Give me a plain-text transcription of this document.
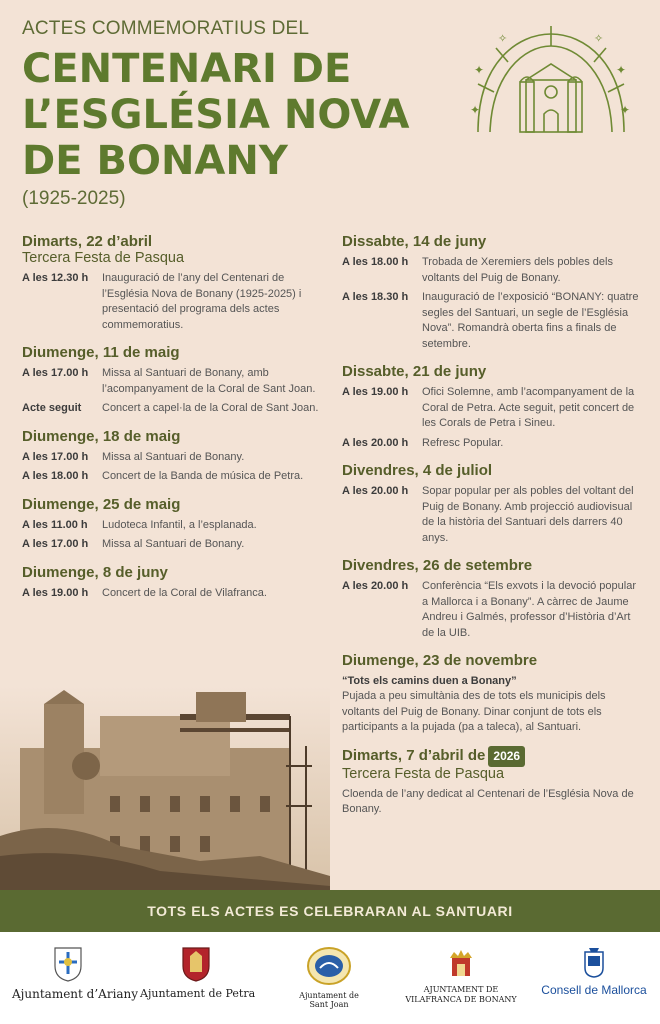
ACTES COMMEMORATIUS DEL
CENTENARI DE
L’ESGLÉSIA NOVA
DE BONANY
(1925-2025)
✦	✦
✧	✧
✦	✦
Dimarts, 22 d’abril
Tercera Festa de Pasqua
A les 12.30 h	Inauguració de l’any del Centenari de l’Església Nova de Bonany (1925-2025) i presentació del programa dels actes commemoratius.
Diumenge, 11 de maig
A les 17.00 h	Missa al Santuari de Bonany, amb l’acompanyament de la Coral de Sant Joan.
Acte seguit	Concert a capel·la de la Coral de Sant Joan.
Diumenge, 18 de maig
A les 17.00 h	Missa al Santuari de Bonany.
A les 18.00 h	Concert de la Banda de música de Petra.
Diumenge, 25 de maig
A les 11.00 h	Ludoteca Infantil, a l’esplanada.
A les 17.00 h	Missa al Santuari de Bonany.
Diumenge, 8 de juny
A les 19.00 h	Concert de la Coral de Vilafranca.
Dissabte, 14 de juny
A les 18.00 h	Trobada de Xeremiers dels pobles dels voltants del Puig de Bonany.
A les 18.30 h	Inauguració de l’exposició “BONANY: quatre segles del Santuari, un segle de l’Església Nova”. Romandrà oberta fins a finals de setembre.
Dissabte, 21 de juny
A les 19.00 h	Ofici Solemne, amb l’acompanyament de la Coral de Petra. Acte seguit, petit concert de les Corals de Petra i Sineu.
A les 20.00 h	Refresc Popular.
Divendres, 4 de juliol
A les 20.00 h	Sopar popular per als pobles del voltant del Puig de Bonany. Amb projecció audiovisual de la història del Santuari dels darrers 40 anys.
Divendres, 26 de setembre
A les 20.00 h	Conferència “Els exvots i la devoció popular a Mallorca i a Bonany”. A càrrec de Jaume Andreu i Galmés, professor d’Història d’Art de la UIB.
Diumenge, 23 de novembre
“Tots els camins duen a Bonany”
Pujada a peu simultània des de tots els municipis dels voltants del Puig de Bonany. Dinar conjunt de tots els participants a la pujada (pa a taleca), al Santuari.
Dimarts, 7 d’abril de 2026
Tercera Festa de Pasqua
Cloenda de l’any dedicat al Centenari de l’Església Nova de Bonany.
TOTS ELS ACTES ES CELEBRARAN AL SANTUARI
Ajuntament d’Ariany Ajuntament de Petra	Ajuntament de Sant Joan
AJUNTAMENT DE VILAFRANCA DE BONANY
Consell de Mallorca
